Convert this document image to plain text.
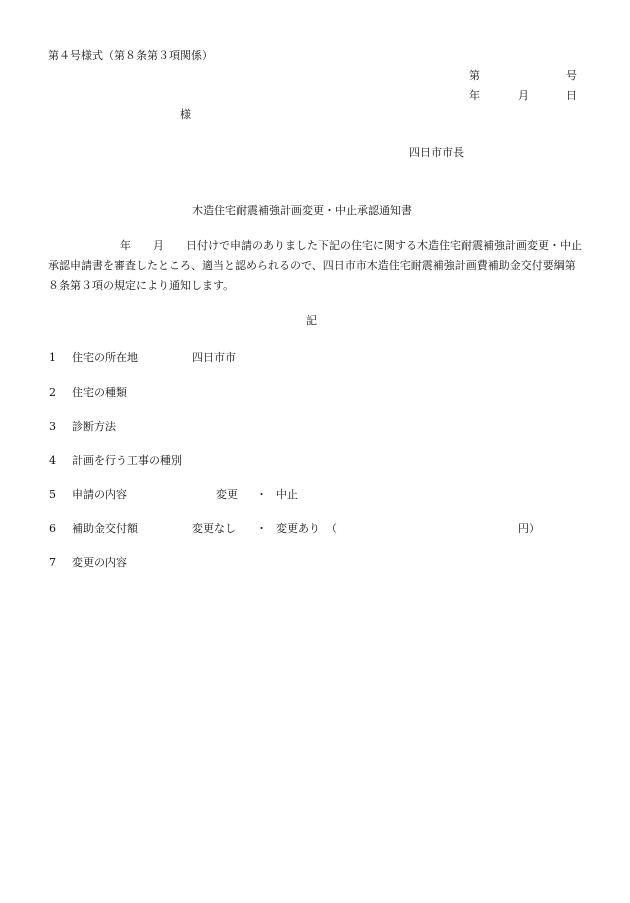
第４号様式（第８条第３項関係）
第	号
年	月	日
様
四日市市長
木造住宅耐震補強計画変更・中止承認通知書
年 月 日付けで申請のありました下記の住宅に関する木造住宅耐震補強計画変更・中止承認申請書を審査したところ、適当と認められるので、四日市市木造住宅耐震補強計画費補助金交付要綱第８条第３項の規定により通知します。
記
1 住宅の所在地	四日市市
2 住宅の種類
3 診断方法
4 計画を行う工事の種別
5 申請の内容	変更 ・ 中止
6 補助金交付額	変更なし ・ 変更あり （	円）
7 変更の内容
